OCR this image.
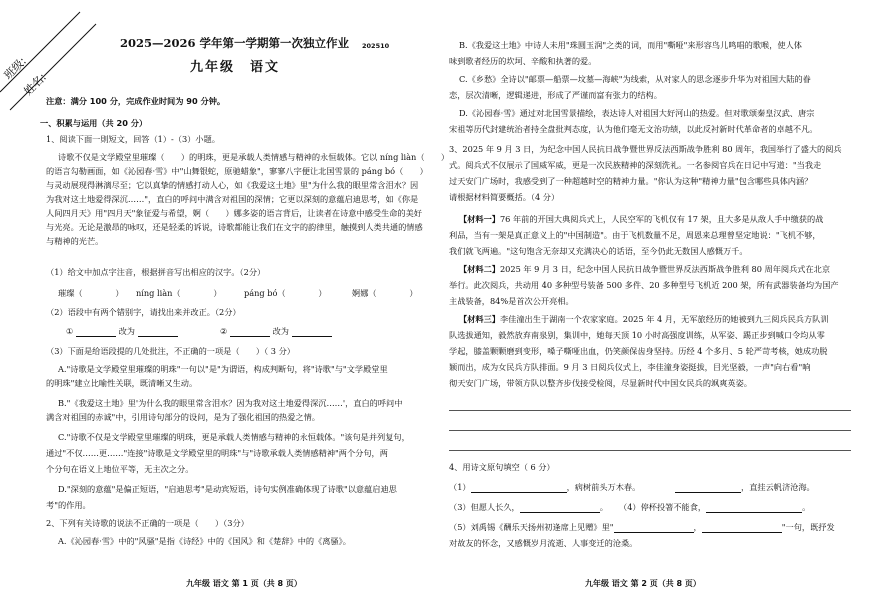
班级:
姓名:
2025—2026 学年第一学期第一次独立作业 202510
九年级　语文
注意：满分 100 分，完成作业时间为 90 分钟。
一、积累与运用（共 20 分）
1、阅读下面一則短文，回答（1）-（3）小题。
诗歌不仅是文学殿堂里璀璨（　　）的明珠，更是承载人类情感与精神的永恒载体。它以 níng liàn（　　）
的语言勾勒画面，如《沁园春·雪》中"山舞银蛇，原驰蜡象"，寥寥八字便让北国雪景的 páng bó（　　）
与灵动展现得淋漓尽至；它以真挚的情感打动人心，如《我爱这土地》里"为什么我的眼里常含泪水？因
为我对这土地爱得深沉……"，直白的呼问中满含对祖国的深情；它更以深刻的意蕴启迪思考，如《你是
人间四月天》用"四月天"象征爱与希望，婀（　　）娜多姿的语言背后，让读者在诗意中感受生命的美好
与光亮。无论是激昂的咏叹，还是轻柔的诉说，诗歌都能让我们在文字的韵律里，触摸到人类共通的情感
与精神的光芒。
（1）给文中加点字注音，根据拼音写出相应的汉字。（2分）
璀璨（　　　　） níng liàn（　　　　）	páng bó（　　　　）	婀娜（　　　　）
（2）语段中有两个错别字，请找出来并改正。（2分）
①	改为	②	改为
（3）下面是给语段提的几处批注，不正确的一项是（　　）（ 3 分）
A."诗歌是文学殿堂里璀璨的明珠"一句以"是"为谓语，构成判断句，将"诗歌"与"文学殿堂里
的明珠"建立比喻性关联，既清晰又生动。
B."《我爱这土地》里'为什么我的眼里常含泪水？因为我对这土地爱得深沉……'，直白的呼问中
满含对祖国的赤诚"中，引用诗句部分的设问，是为了强化祖国的热爱之情。
C."诗歌不仅是文学殿堂里璀璨的明珠，更是承载人类情感与精神的永恒载体。"该句是并列复句，
通过"不仅……更……"连接"诗歌是文学殿堂里的明珠"与"诗歌承载人类情感精神"两个分句，两
个分句在语义上地位平等，无主次之分。
D."深刻的意蕴"是偏正短语，"启迪思考"是动宾短语，诗句实例准确体现了诗歌"以意蕴启迪思
考"的作用。
2、下列有关诗歌的说法不正确的一项是（　　）（3分）
A.《沁园春·雪》中的"风骚"是指《诗经》中的《国风》和《楚辞》中的《离骚》。
九年级 语文 第 1 页（共 8 页）
B.《我爱这土地》中诗人未用"珠圆玉润"之类的词，而用"嘶哑"来形容鸟儿鸣唱的歌喉，使人体
味到歌者经历的坎坷、辛酸和执著的爱。
C.《乡愁》全诗以"邮票—船票—坟墓—海峡"为线索，从对家人的思念逐步升华为对祖国大陆的眷
恋，层次清晰，逻辑递进，形成了严谨而富有张力的结构。
D.《沁园春·雪》通过对北国雪景描绘，表达诗人对祖国大好河山的热爱。但对歌颂秦皇汉武、唐宗
宋祖等历代封建统治者持全盘批判态度，认为他们毫无文治功绩，以此反衬新时代革命者的卓越不凡。
3、2025 年 9 月 3 日，为纪念中国人民抗日战争暨世界反法西斯战争胜利 80 周年，我国举行了盛大的阅兵
式。阅兵式不仅展示了国威军威，更是一次民族精神的深刻洗礼。一名参阅官兵在日记中写道："当我走
过天安门广场时，我感受到了一种超越时空的精神力量。"你认为这种"精神力量"包含哪些具体内涵？
请根据材料简要概括。（4 分）
【材料一】76 年前的开国大典阅兵式上，人民空军的飞机仅有 17 架，且大多是从敌人手中缴获的战
利品，当有一架是真正意义上的"中国制造"。由于飞机数量不足，周恩来总理曾坚定地说："飞机不够，
我们就飞两遍。"这句饱含无奈却又充满决心的话语，至今仍此无数国人感慨万千。
【材料二】2025 年 9 月 3 日，纪念中国人民抗日战争暨世界反法西斯战争胜利 80 周年阅兵式在北京
举行。此次阅兵，共动用 40 多种型号装备 500 多件、20 多种型号飞机近 200 架，所有武器装备均为国产
主战装备，84%是首次公开亮相。
【材料三】李佳潼出生于湖南一个农家家庭。2025 年 4 月，无军旅经历的她被到九三阅兵民兵方队训
队选拔通知，毅然放弃南泉别，集训中，她每天顶 10 小时高强度训练，从军姿、踢正步到喊口令均从零
学起，膝盖颗颗磨到变形，嗓子嘶哑出血，仍笑颜保齿身坚持。历经 4 个多月、5 轮严苛考核，她成功脱
颖而出，成为女民兵方队排面。9 月 3 日阅兵仪式上，李佳潼身姿挺拔，目光坚毅，一声"向右看"响
彻天安门广场，带领方队以整齐步伐接受检阅，尽显新时代中国女民兵的飒爽英姿。
4、用诗文原句填空（ 6 分）
（1）	，病树前头万木春。	，直挂云帆济沧海。
（3）但愿人长久，	。 （4）停杯投箸不能食，	。
（5）刘禹锡《酬乐天扬州初逢席上见赠》里"	，	"一句，既抒发
对故友的怀念，又感慨岁月流逝、人事变迁的沧桑。
九年级 语文 第 2 页（共 8 页）
